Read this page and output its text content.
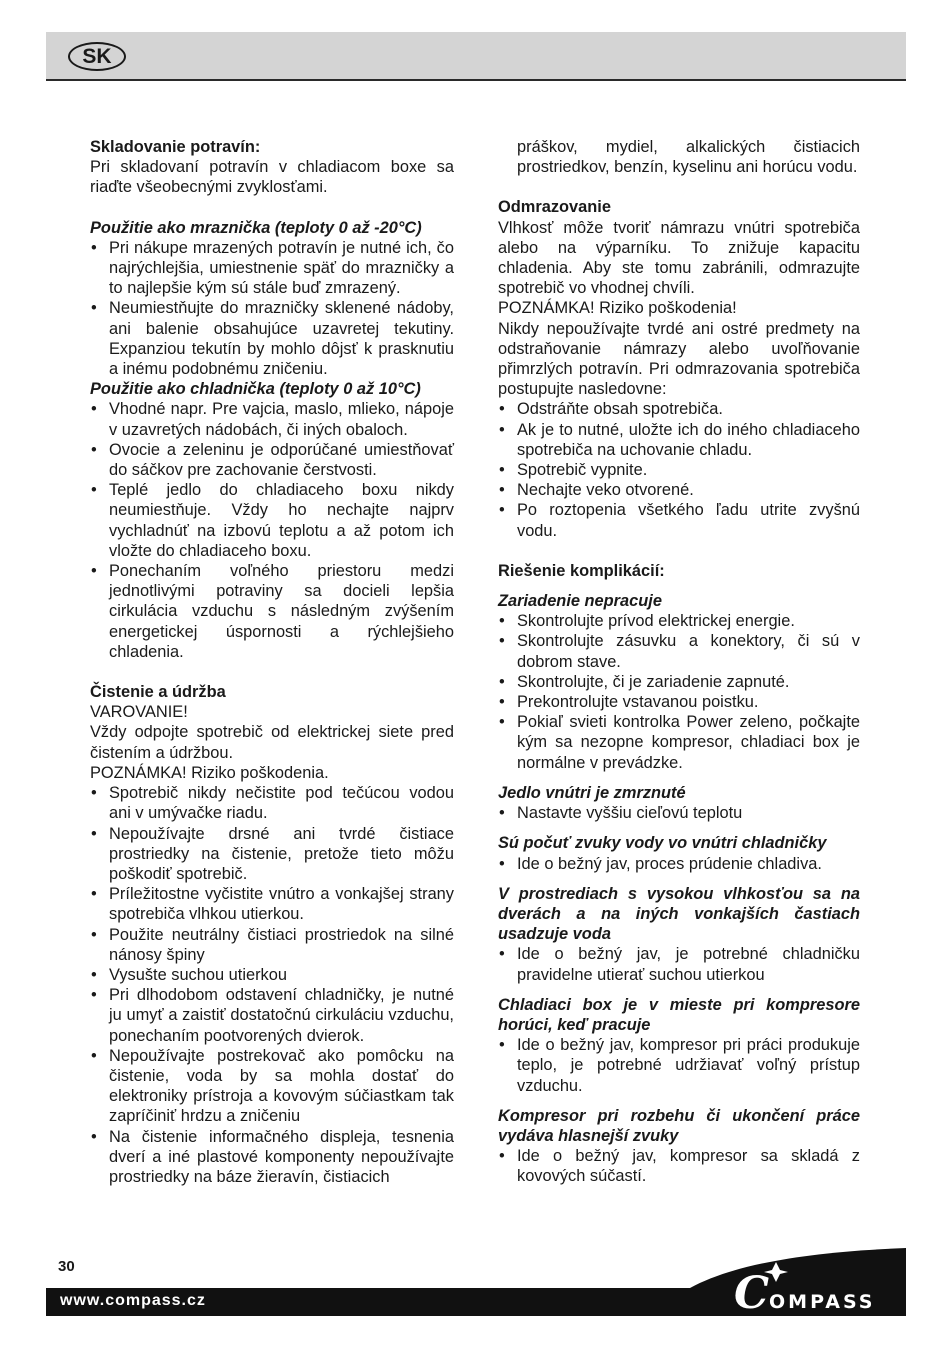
SK

Skladovanie potravín:

Pri skladovaní potravín v chladiacom boxe sa riaďte všeobecnými zvyklosťami.

Použitie ako mraznička (teploty 0 až -20°C)

• Pri nákupe mrazených potravín je nutné ich, čo najrýchlejšia, umiestnenie späť do mrazničky a to najlepšie kým sú stále buď zmrazený.
• Neumiestňujte do mrazničky sklenené nádoby, ani balenie obsahujúce uzavretej tekutiny. Expanziou tekutín by mohlo dôjsť k prasknutiu a inému podobnému zničeniu.

Použitie ako chladnička (teploty 0 až 10°C)

• Vhodné napr. Pre vajcia, maslo, mlieko, nápoje v uzavretých nádobách, či iných obaloch.
• Ovocie a zeleninu je odporúčané umiestňovať do sáčkov pre zachovanie čerstvosti.
• Teplé jedlo do chladiaceho boxu nikdy neumiestňuje. Vždy ho nechajte najprv vychladnúť na izbovú teplotu a až potom ich vložte do chladiaceho boxu.
• Ponechaním voľného priestoru medzi jednotlivými potraviny sa docieli lepšia cirkulácia vzduchu s následným zvýšením energetickej úspornosti a rýchlejšieho chladenia.

Čistenie a údržba

VAROVANIE!

Vždy odpojte spotrebič od elektrickej siete pred čistením a údržbou.

POZNÁMKA! Riziko poškodenia.

• Spotrebič nikdy nečistite pod tečúcou vodou ani v umývačke riadu.
• Nepoužívajte drsné ani tvrdé čistiace prostriedky na čistenie, pretože tieto môžu poškodiť spotrebič.
• Príležitostne vyčistite vnútro a vonkajšej strany spotrebiča vlhkou utierkou.
• Použite neutrálny čistiaci prostriedok na silné nánosy špiny
• Vysušte suchou utierkou
• Pri dlhodobom odstavení chladničky, je nutné ju umyť a zaistiť dostatočnú cirkuláciu vzduchu, ponechaním pootvorených dvierok.
• Nepoužívajte postrekovač ako pomôcku na čistenie, voda by sa mohla dostať do elektroniky prístroja a kovovým súčiastkam tak zapríčiniť hrdzu a zničeniu
• Na čistenie informačného displeja, tesnenia dverí a iné plastové komponenty nepoužívajte prostriedky na báze žieravín, čistiacich

práškov, mydiel, alkalických čistiacich prostriedkov, benzín, kyselinu ani horúcu vodu.

Odmrazovanie

Vlhkosť môže tvoriť námrazu vnútri spotrebiča alebo na výparníku. To znižuje kapacitu chladenia. Aby ste tomu zabránili, odmrazujte spotrebič vo vhodnej chvíli.

POZNÁMKA! Riziko poškodenia!

Nikdy nepoužívajte tvrdé ani ostré predmety na odstraňovanie námrazy alebo uvoľňovanie přimrzlých potravín. Pri odmrazovania spotrebiča postupujte nasledovne:

• Odstráňte obsah spotrebiča.
• Ak je to nutné, uložte ich do iného chladiaceho spotrebiča na uchovanie chladu.
• Spotrebič vypnite.
• Nechajte veko otvorené.
• Po roztopenia všetkého ľadu utrite zvyšnú vodu.

Riešenie komplikácií:

Zariadenie nepracuje

• Skontrolujte prívod elektrickej energie.
• Skontrolujte zásuvku a konektory, či sú v dobrom stave.
• Skontrolujte, či je zariadenie zapnuté.
• Prekontrolujte vstavanou poistku.
• Pokiaľ svieti kontrolka Power zeleno, počkajte kým sa nezopne kompresor, chladiaci box je normálne v prevádzke.

Jedlo vnútri je zmrznuté

• Nastavte vyššiu cieľovú teplotu

Sú počuť zvuky vody vo vnútri chladničky

• Ide o bežný jav, proces prúdenie chladiva.

V prostrediach s vysokou vlhkosťou sa na dverách a na iných vonkajších častiach usadzuje voda

• Ide o bežný jav, je potrebné chladničku pravidelne utierať suchou utierkou

Chladiaci box je v mieste pri kompresore horúci, keď pracuje

• Ide o bežný jav, kompresor pri práci produkuje teplo, je potrebné udržiavať voľný prístup vzduchu.

Kompresor pri rozbehu či ukončení práce vydáva hlasnejší zvuky

• Ide o bežný jav, kompresor sa skladá z kovových súčastí.
30
www.compass.cz	COMPASS
